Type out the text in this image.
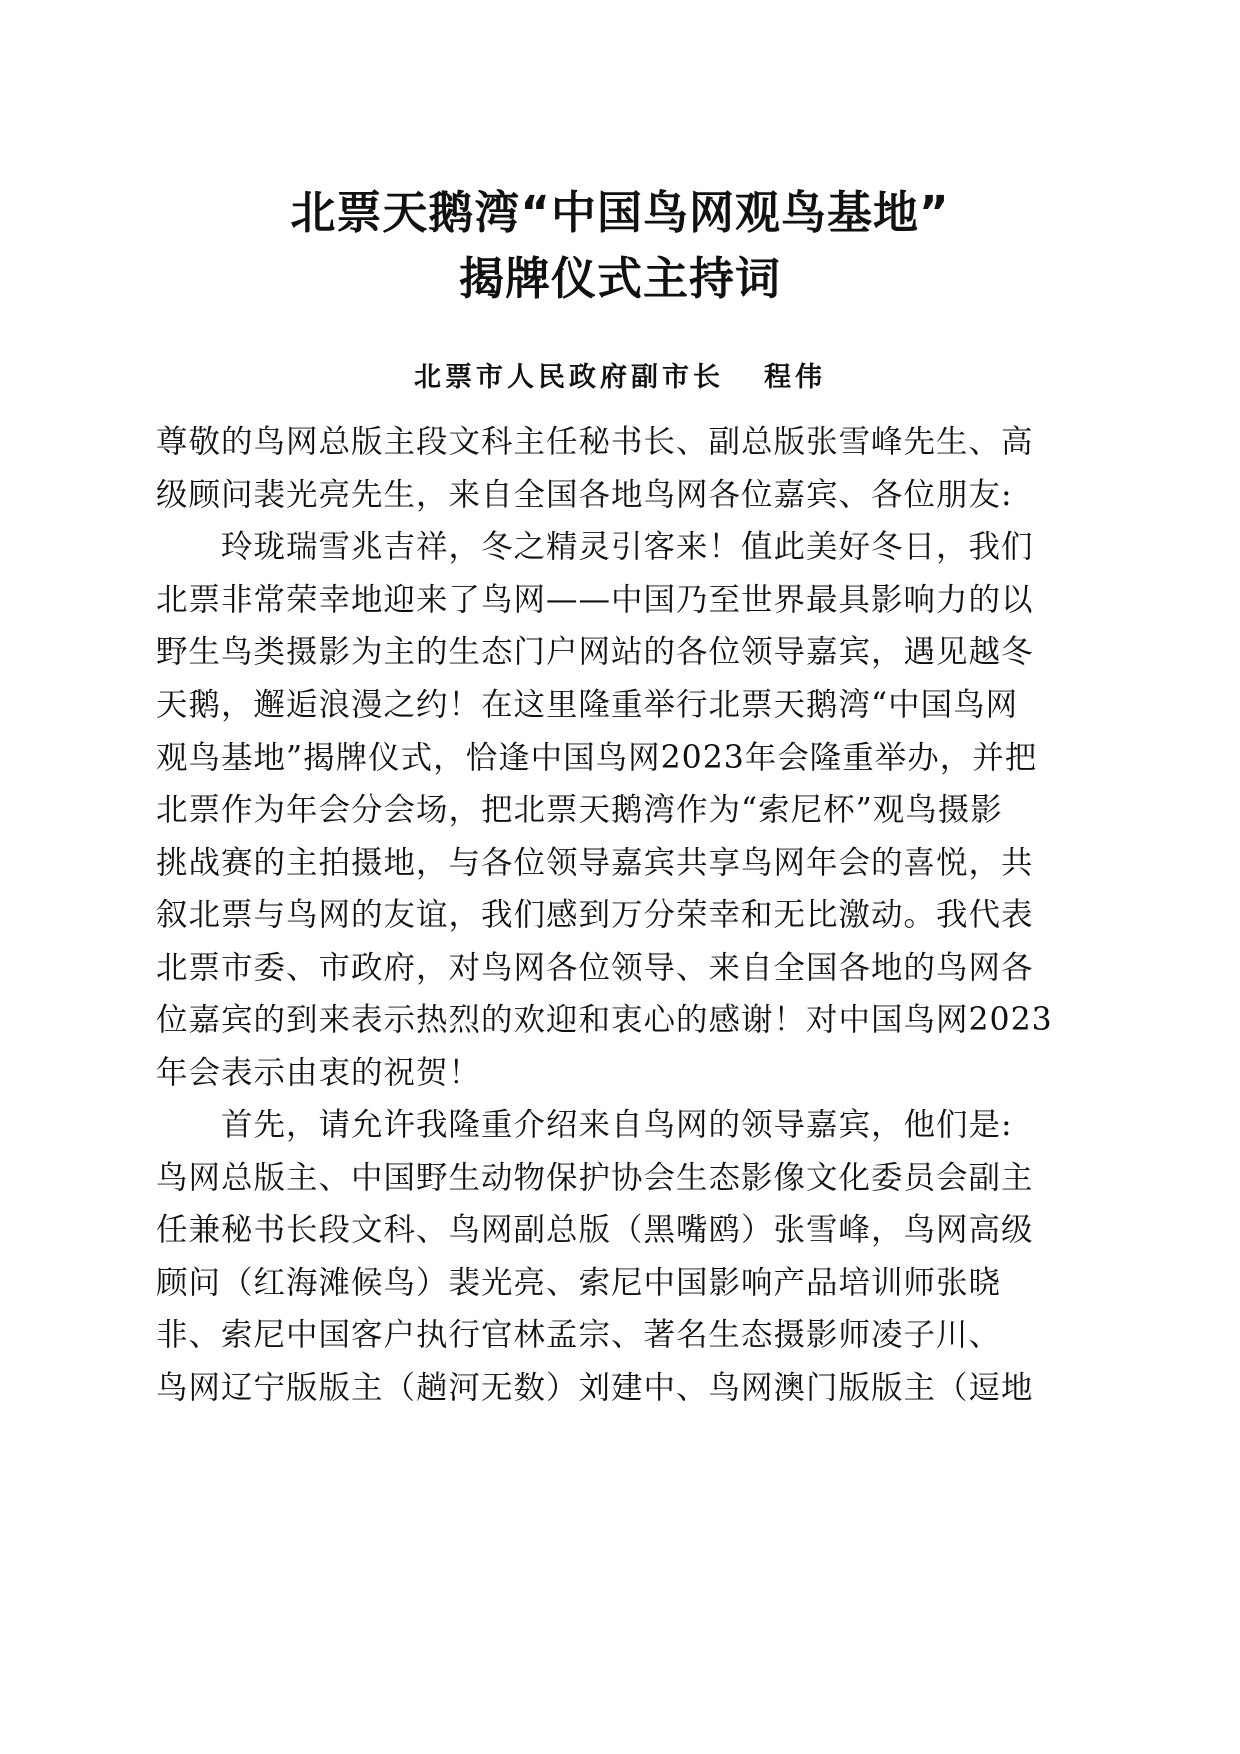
北票天鹅湾“中国鸟网观鸟基地”
揭牌仪式主持词
北票市人民政府副市长 程伟
尊敬的鸟网总版主段文科主任秘书长、副总版张雪峰先生、高
级顾问裴光亮先生，来自全国各地鸟网各位嘉宾、各位朋友:
　　玲珑瑞雪兆吉祥，冬之精灵引客来！值此美好冬日，我们
北票非常荣幸地迎来了鸟网——中国乃至世界最具影响力的以
野生鸟类摄影为主的生态门户网站的各位领导嘉宾，遇见越冬
天鹅，邂逅浪漫之约！在这里隆重举行北票天鹅湾“中国鸟网
观鸟基地”揭牌仪式，恰逢中国鸟网2023年会隆重举办，并把
北票作为年会分会场，把北票天鹅湾作为“索尼杯”观鸟摄影
挑战赛的主拍摄地，与各位领导嘉宾共享鸟网年会的喜悦，共
叙北票与鸟网的友谊，我们感到万分荣幸和无比激动。我代表
北票市委、市政府，对鸟网各位领导、来自全国各地的鸟网各
位嘉宾的到来表示热烈的欢迎和衷心的感谢！对中国鸟网2023
年会表示由衷的祝贺！
　　首先，请允许我隆重介绍来自鸟网的领导嘉宾，他们是:
鸟网总版主、中国野生动物保护协会生态影像文化委员会副主
任兼秘书长段文科、鸟网副总版（黑嘴鸥）张雪峰，鸟网高级
顾问（红海滩候鸟）裴光亮、索尼中国影响产品培训师张晓
非、索尼中国客户执行官林孟宗、著名生态摄影师凌子川、
鸟网辽宁版版主（趟河无数）刘建中、鸟网澳门版版主（逗地
